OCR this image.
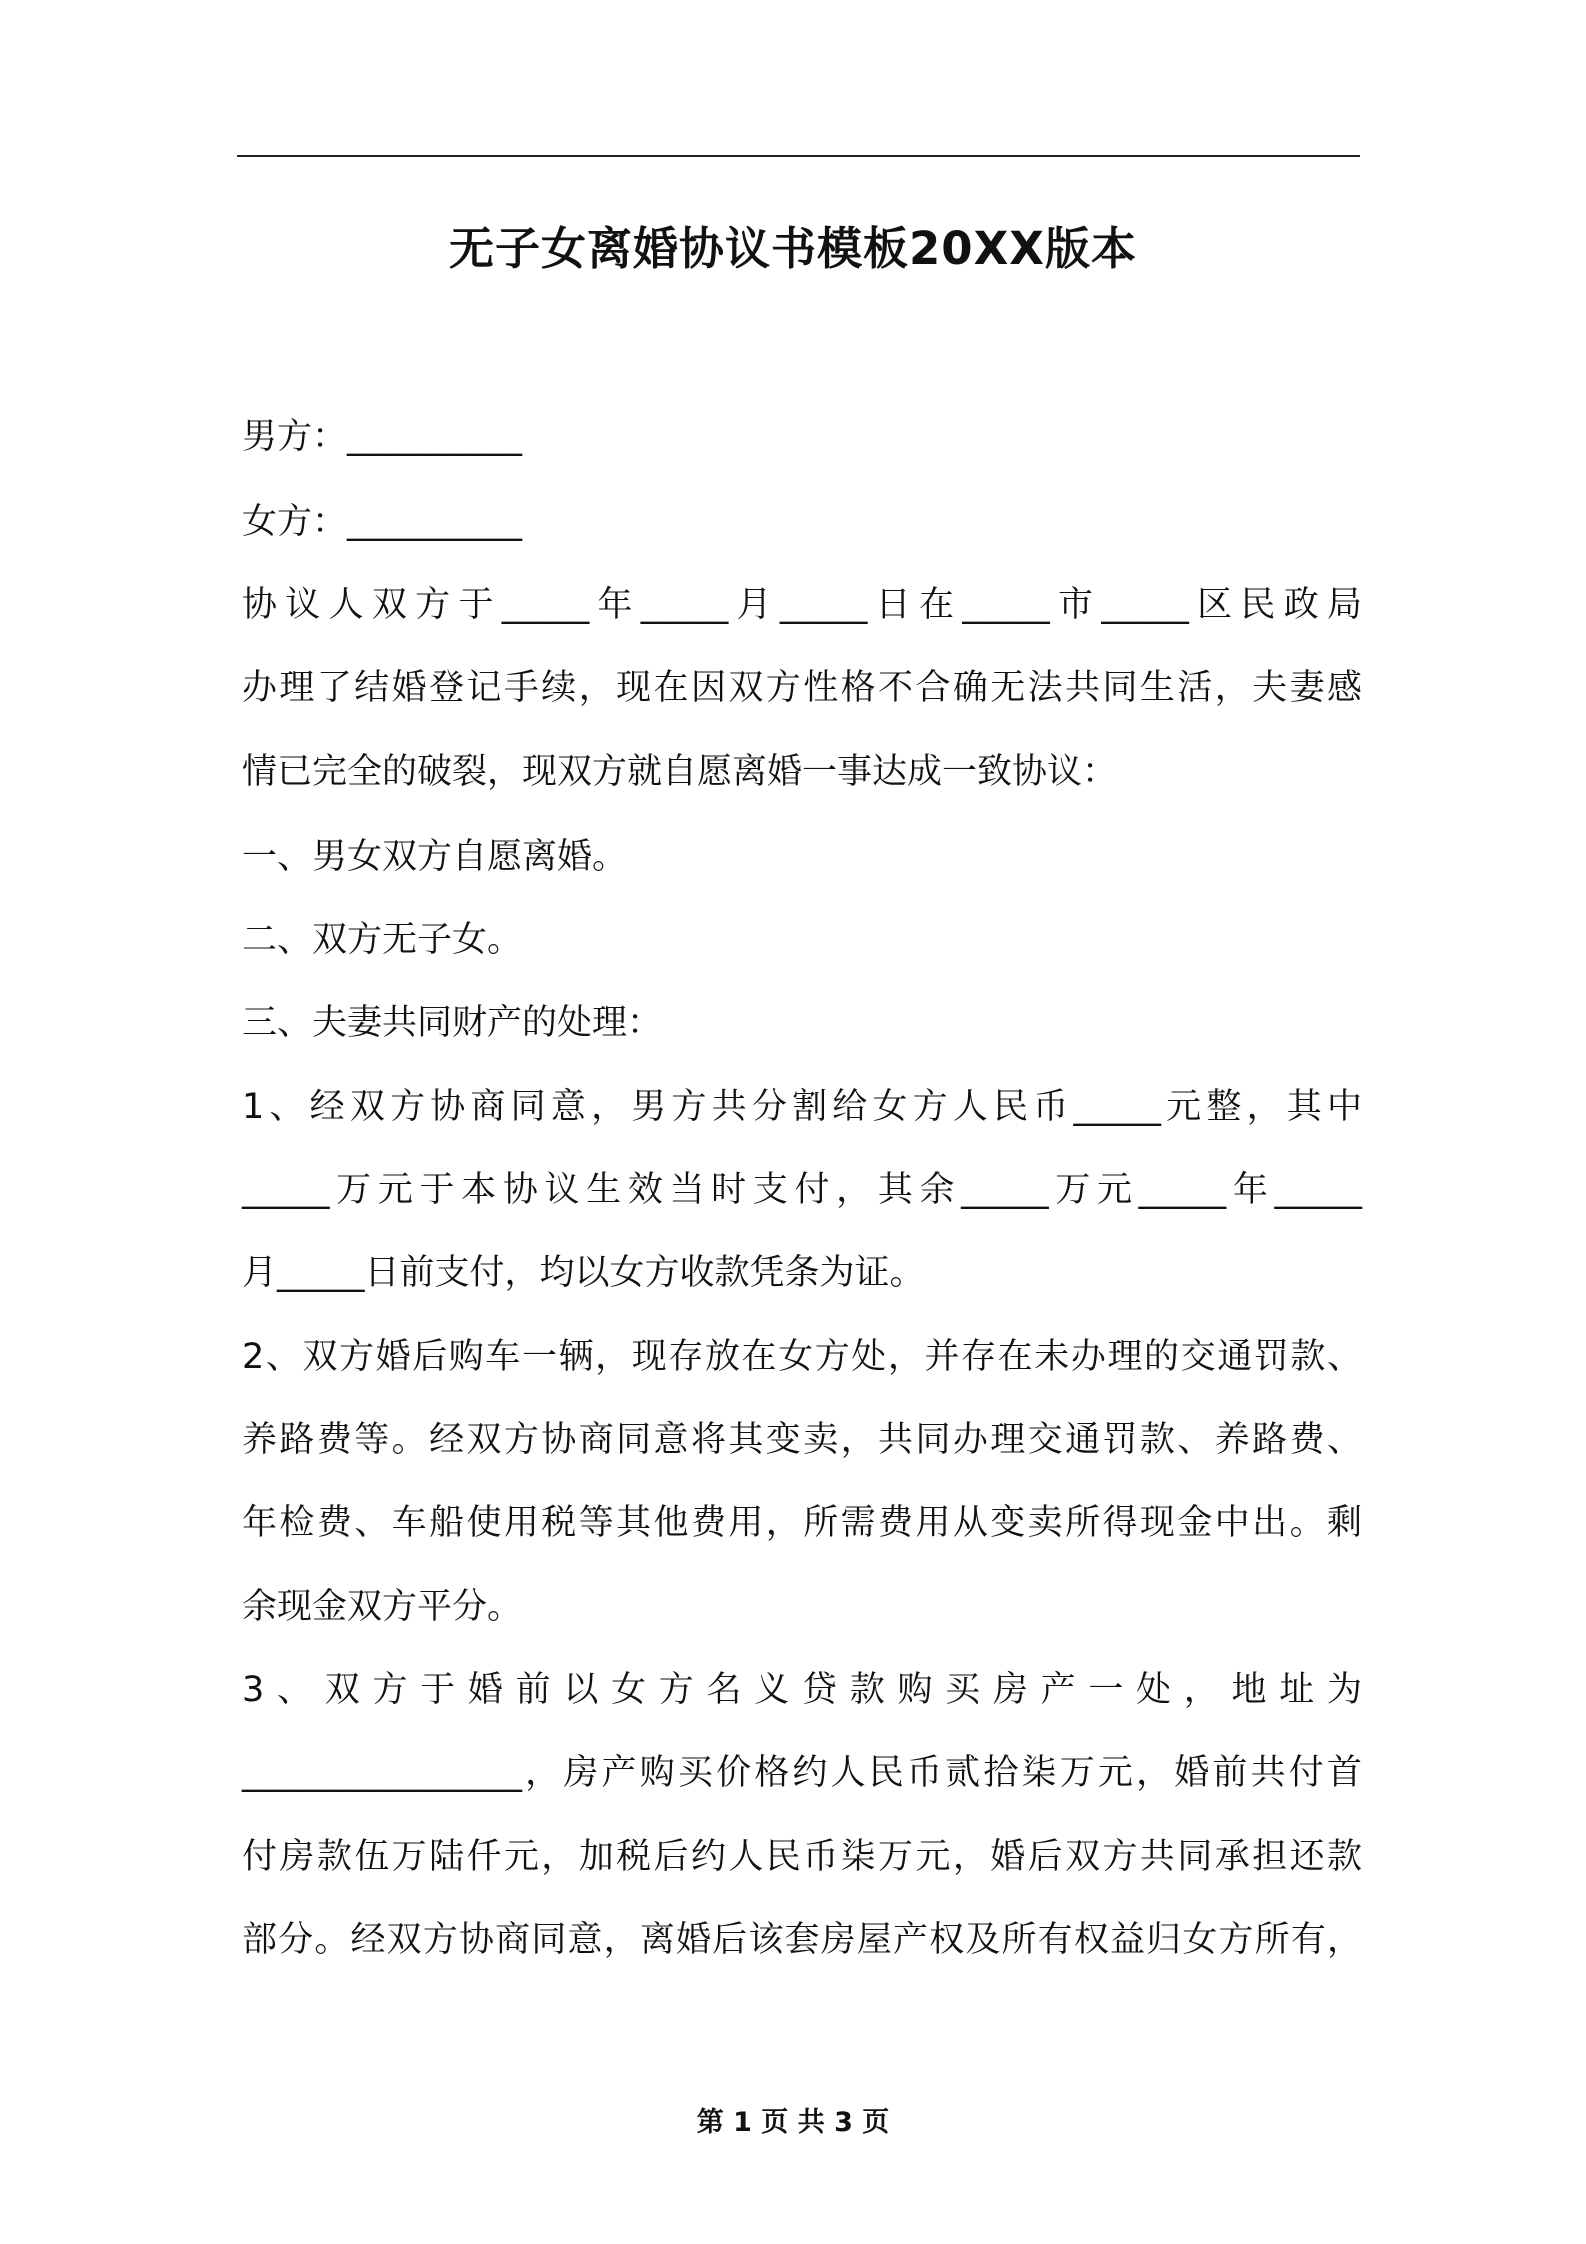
无子女离婚协议书模板20XX版本
男方：__________
女方：__________
协议人双方于_____年_____月_____日在_____市_____区民政局
办理了结婚登记手续，现在因双方性格不合确无法共同生活，夫妻感
情已完全的破裂，现双方就自愿离婚一事达成一致协议：
一、男女双方自愿离婚。
二、双方无子女。
三、夫妻共同财产的处理：
1、经双方协商同意，男方共分割给女方人民币_____元整，其中
_____万元于本协议生效当时支付，其余_____万元_____年_____
月_____日前支付，均以女方收款凭条为证。
2、双方婚后购车一辆，现存放在女方处，并存在未办理的交通罚款、
养路费等。经双方协商同意将其变卖，共同办理交通罚款、养路费、
年检费、车船使用税等其他费用，所需费用从变卖所得现金中出。剩
余现金双方平分。
3、双方于婚前以女方名义贷款购买房产一处，地址为
________________，房产购买价格约人民币贰拾柒万元，婚前共付首
付房款伍万陆仟元，加税后约人民币柒万元，婚后双方共同承担还款
部分。经双方协商同意，离婚后该套房屋产权及所有权益归女方所有，
第 1 页 共 3 页
